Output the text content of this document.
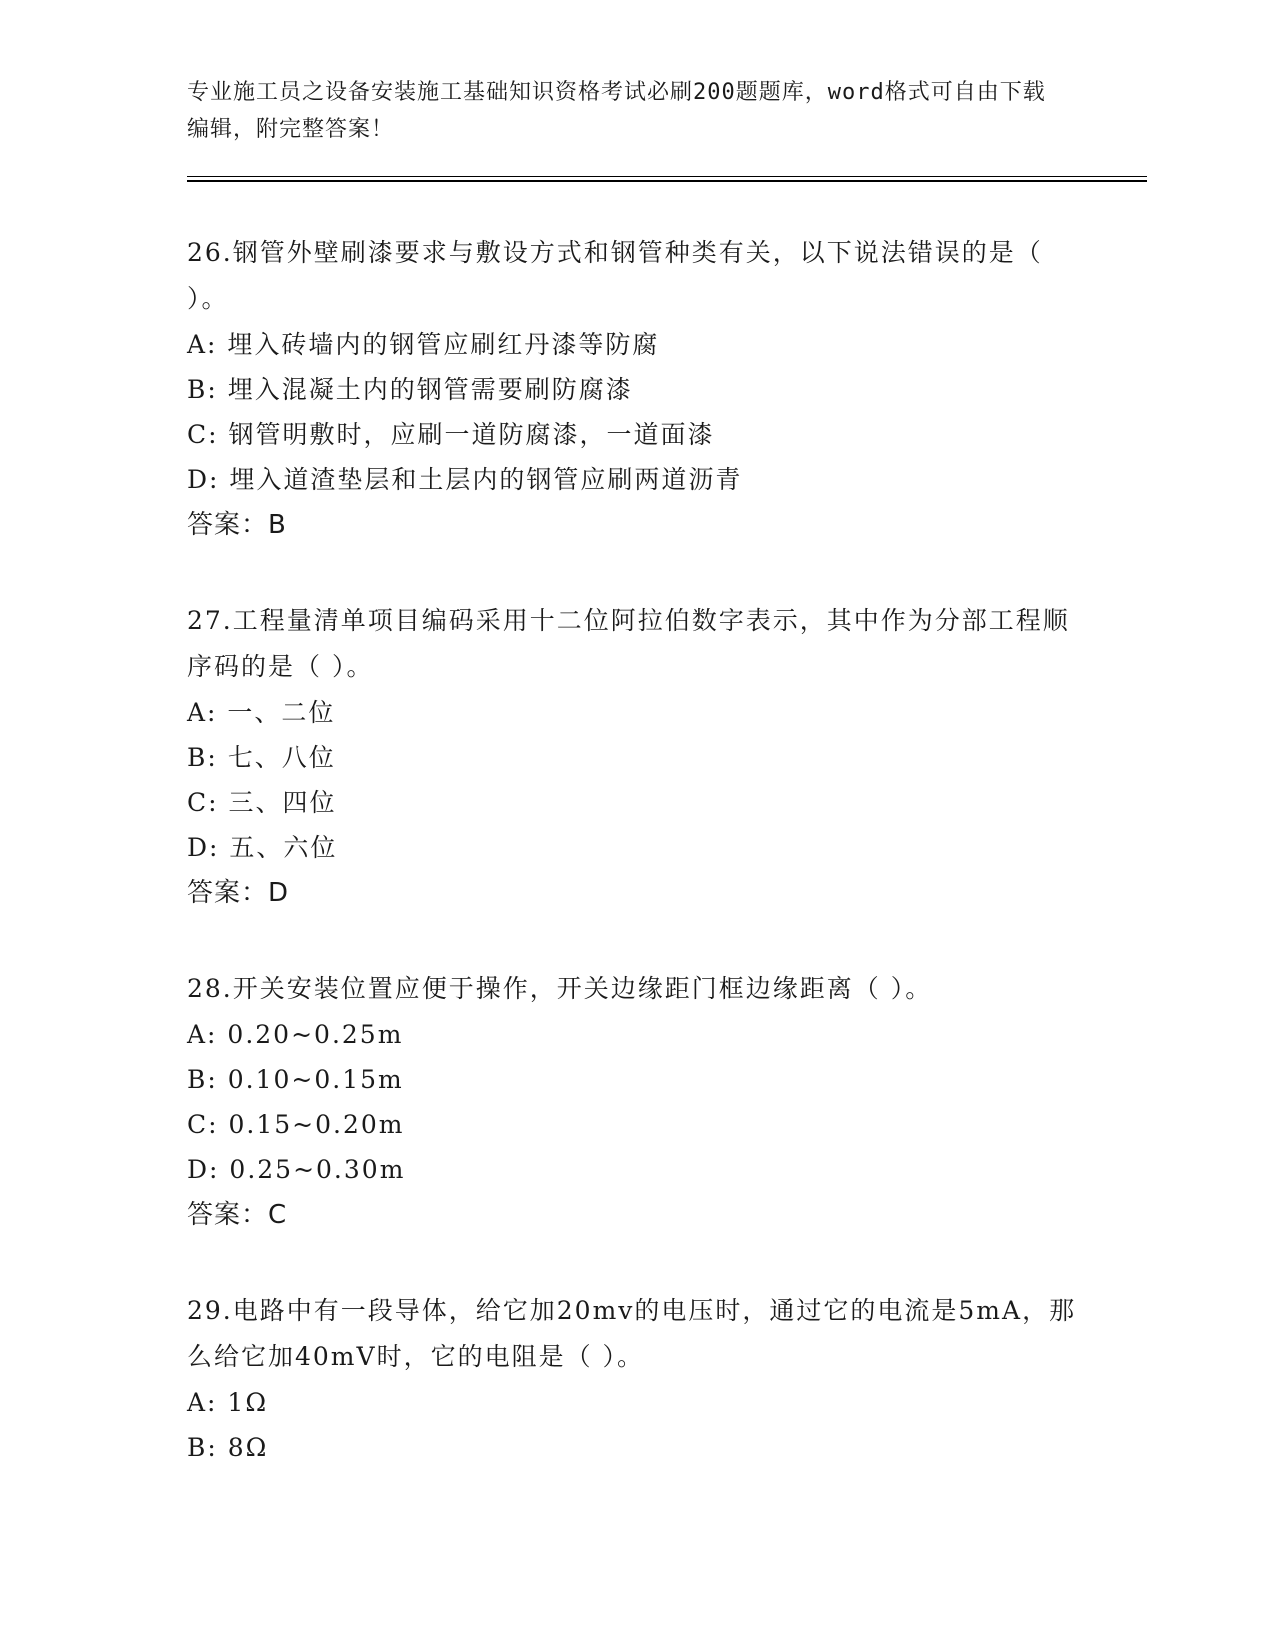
专业施工员之设备安装施工基础知识资格考试必刷200题题库，word格式可自由下载编辑，附完整答案！

26.钢管外壁刷漆要求与敷设方式和钢管种类有关，以下说法错误的是（ ）。

A: 埋入砖墙内的钢管应刷红丹漆等防腐

B: 埋入混凝土内的钢管需要刷防腐漆

C: 钢管明敷时，应刷一道防腐漆，一道面漆

D: 埋入道渣垫层和土层内的钢管应刷两道沥青

答案：B

27.工程量清单项目编码采用十二位阿拉伯数字表示，其中作为分部工程顺序码的是（ ）。

A: 一、二位

B: 七、八位

C: 三、四位

D: 五、六位

答案：D

28.开关安装位置应便于操作，开关边缘距门框边缘距离（ ）。

A: 0.20~0.25m

B: 0.10~0.15m

C: 0.15~0.20m

D: 0.25~0.30m

答案：C

29.电路中有一段导体，给它加20mv的电压时，通过它的电流是5mA，那么给它加40mV时，它的电阻是（ ）。

A: 1Ω

B: 8Ω
